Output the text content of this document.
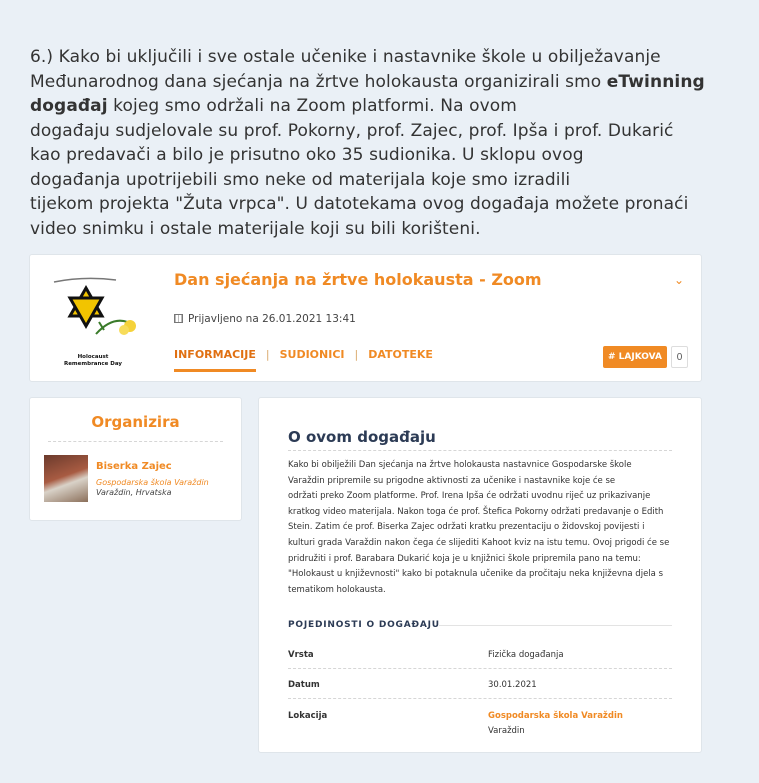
6.) Kako bi uključili i sve ostale učenike i nastavnike škole u obilježavanje Međunarodnog dana sjećanja na žrtve holokausta organizirali smo eTwinning događaj kojeg smo održali na Zoom platformi. Na ovom
događaju sudjelovale su prof. Pokorny, prof. Zajec, prof. Ipša i prof. Dukarić
kao predavači a bilo je prisutno oko 35 sudionika. U sklopu ovog
događanja upotrijebili smo neke od materijala koje smo izradili
tijekom projekta "Žuta vrpca". U datotekama ovog događaja možete pronaći
video snimku i ostale materijale koji su bili korišteni.
Holocaust Remembrance Day
Dan sjećanja na žrtve holokausta - Zoom	⌄
Prijavljeno na 26.01.2021 13:41
INFORMACIJE | SUDIONICI | DATOTEKE	# LAJKOVA	0
Organizira
Biserka Zajec
Gospodarska škola Varaždin
Varaždin, Hrvatska
O ovom događaju
Kako bi obilježili Dan sjećanja na žrtve holokausta nastavnice Gospodarske škole
Varaždin pripremile su prigodne aktivnosti za učenike i nastavnike koje će se
održati preko Zoom platforme. Prof. Irena Ipša će održati uvodnu riječ uz prikazivanje
kratkog video materijala. Nakon toga će prof. Štefica Pokorny održati predavanje o Edith
Stein. Zatim će prof. Biserka Zajec održati kratku prezentaciju o židovskoj povijesti i
kulturi grada Varaždin nakon čega će slijediti Kahoot kviz na istu temu. Ovoj prigodi će se
pridružiti i prof. Barabara Dukarić koja je u knjižnici škole pripremila pano na temu:
"Holokaust u književnosti" kako bi potaknula učenike da pročitaju neka književna djela s
tematikom holokausta.
POJEDINOSTI O DOGAĐAJU
Vrsta	Fizička događanja
Datum	30.01.2021
Lokacija	Gospodarska škola Varaždin
Varaždin
